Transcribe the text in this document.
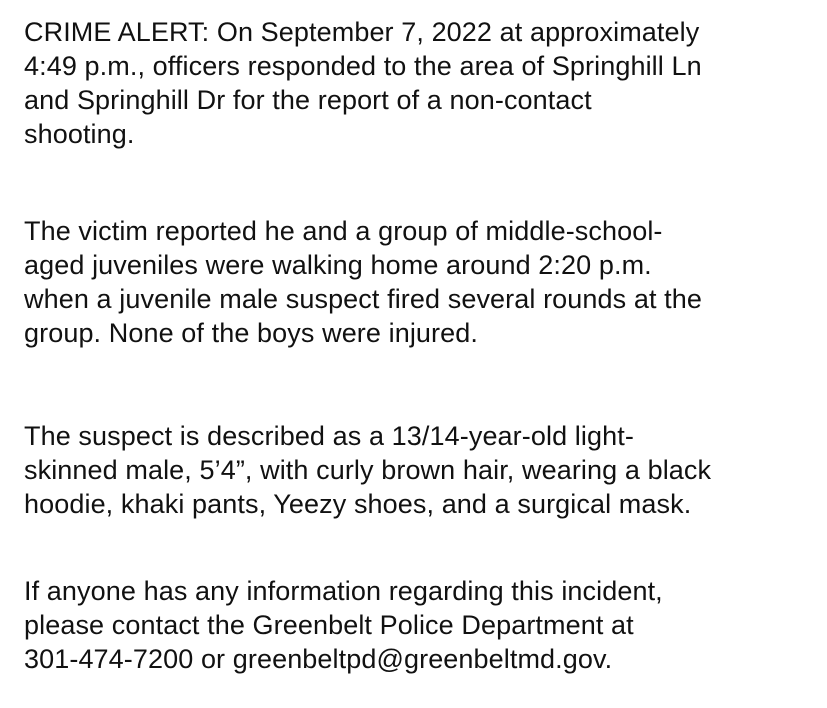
CRIME ALERT: On September 7, 2022 at approximately
4:49 p.m., officers responded to the area of Springhill Ln
and Springhill Dr for the report of a non-contact
shooting.
The victim reported he and a group of middle-school-
aged juveniles were walking home around 2:20 p.m.
when a juvenile male suspect fired several rounds at the
group. None of the boys were injured.
The suspect is described as a 13/14-year-old light-
skinned male, 5’4”, with curly brown hair, wearing a black
hoodie, khaki pants, Yeezy shoes, and a surgical mask.
If anyone has any information regarding this incident,
please contact the Greenbelt Police Department at
301-474-7200 or greenbeltpd@greenbeltmd.gov.
